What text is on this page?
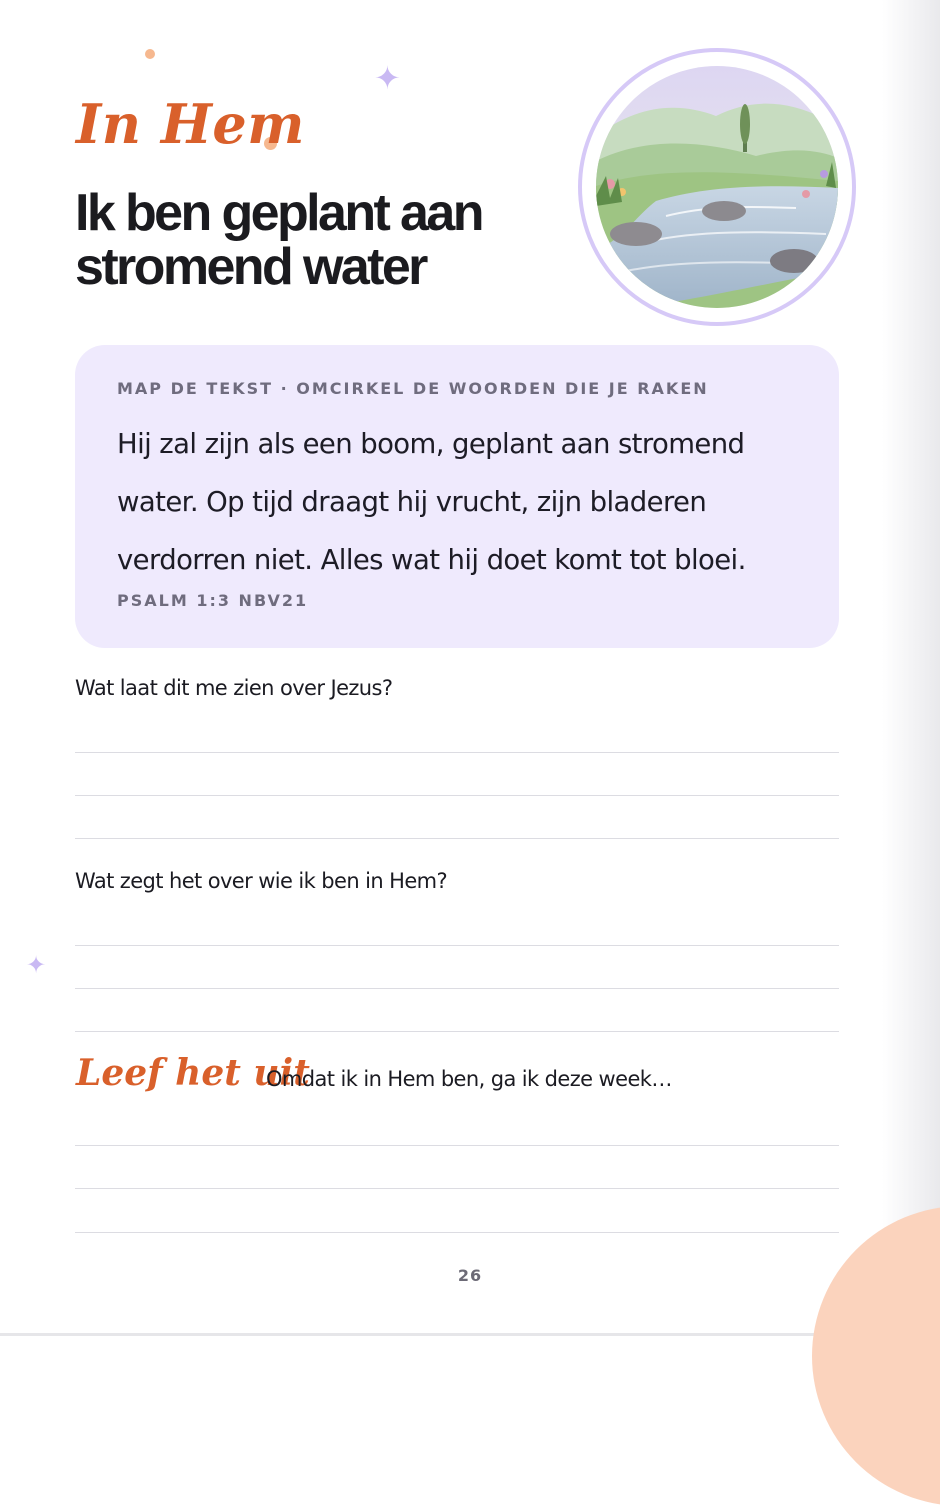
✦
✦
In Hem
Ik ben geplant aan stromend water
MAP DE TEKST · OMCIRKEL DE WOORDEN DIE JE RAKEN
Hij zal zijn als een boom, geplant aan stromend water. Op tijd draagt hij vrucht, zijn bladeren verdorren niet. Alles wat hij doet komt tot bloei.
PSALM 1:3 NBV21
Wat laat dit me zien over Jezus?
Wat zegt het over wie ik ben in Hem?
Leef het uit
Omdat ik in Hem ben, ga ik deze week…
26
